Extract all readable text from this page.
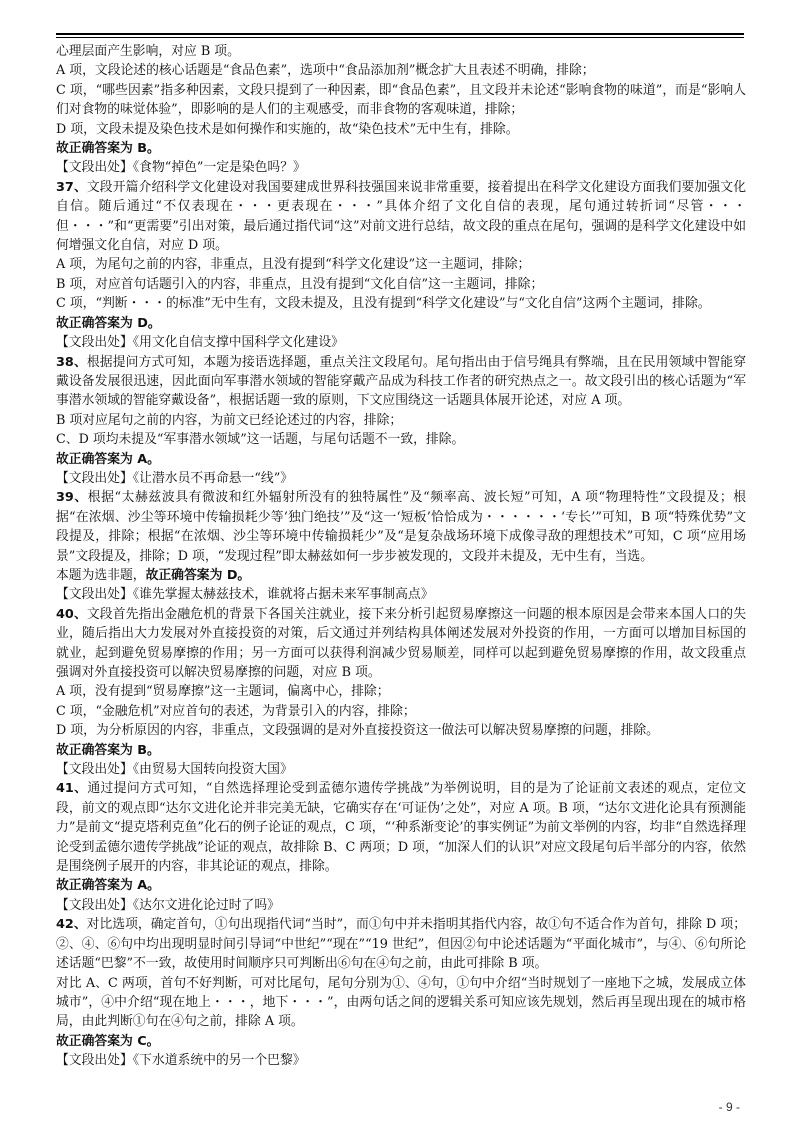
心理层面产生影响，对应 B 项。

A 项，文段论述的核心话题是“食品色素”，选项中“食品添加剂”概念扩大且表述不明确，排除；

C 项，“哪些因素”指多种因素，文段只提到了一种因素，即“食品色素”，且文段并未论述“影响食物的味道”，而是“影响人们对食物的味觉体验”，即影响的是人们的主观感受，而非食物的客观味道，排除；

D 项，文段未提及染色技术是如何操作和实施的，故“染色技术”无中生有，排除。

故正确答案为 B。

【文段出处】《食物“掉色”一定是染色吗？》

37、文段开篇介绍科学文化建设对我国要建成世界科技强国来说非常重要，接着提出在科学文化建设方面我们要加强文化自信。随后通过“不仅表现在・・・更表现在・・・”具体介绍了文化自信的表现，尾句通过转折词“尽管・・・但・・・”和“更需要”引出对策，最后通过指代词“这”对前文进行总结，故文段的重点在尾句，强调的是科学文化建设中如何增强文化自信，对应 D 项。

A 项，为尾句之前的内容，非重点，且没有提到“科学文化建设”这一主题词，排除；

B 项，对应首句话题引入的内容，非重点，且没有提到“文化自信”这一主题词，排除；

C 项，“判断・・・的标准”无中生有，文段未提及，且没有提到“科学文化建设”与“文化自信”这两个主题词，排除。

故正确答案为 D。

【文段出处】《用文化自信支撑中国科学文化建设》

38、根据提问方式可知，本题为接语选择题，重点关注文段尾句。尾句指出由于信号绳具有弊端，且在民用领域中智能穿戴设备发展很迅速，因此面向军事潜水领域的智能穿戴产品成为科技工作者的研究热点之一。故文段引出的核心话题为“军事潜水领域的智能穿戴设备”，根据话题一致的原则，下文应围绕这一话题具体展开论述，对应 A 项。

B 项对应尾句之前的内容，为前文已经论述过的内容，排除；

C、D 项均未提及“军事潜水领域”这一话题，与尾句话题不一致，排除。

故正确答案为 A。

【文段出处】《让潜水员不再命悬一“线”》

39、根据“太赫兹波具有微波和红外辐射所没有的独特属性”及“频率高、波长短”可知，A 项“物理特性”文段提及；根据“在浓烟、沙尘等环境中传输损耗少等‘独门绝技’”及“这一‘短板’恰恰成为・・・・・・‘专长’”可知，B 项“特殊优势”文段提及，排除；根据“在浓烟、沙尘等环境中传输损耗少”及“是复杂战场环境下成像寻敌的理想技术”可知，C 项“应用场景”文段提及，排除；D 项，“发现过程”即太赫兹如何一步步被发现的，文段并未提及，无中生有，当选。

本题为选非题，故正确答案为 D。

【文段出处】《谁先掌握太赫兹技术，谁就将占据未来军事制高点》

40、文段首先指出金融危机的背景下各国关注就业，接下来分析引起贸易摩擦这一问题的根本原因是会带来本国人口的失业，随后指出大力发展对外直接投资的对策，后文通过并列结构具体阐述发展对外投资的作用，一方面可以增加目标国的就业，起到避免贸易摩擦的作用；另一方面可以获得利润减少贸易顺差，同样可以起到避免贸易摩擦的作用，故文段重点强调对外直接投资可以解决贸易摩擦的问题，对应 B 项。

A 项，没有提到“贸易摩擦”这一主题词，偏离中心，排除；

C 项，“金融危机”对应首句的表述，为背景引入的内容，排除；

D 项，为分析原因的内容，非重点，文段强调的是对外直接投资这一做法可以解决贸易摩擦的问题，排除。

故正确答案为 B。

【文段出处】《由贸易大国转向投资大国》

41、通过提问方式可知，“自然选择理论受到孟德尔遗传学挑战”为举例说明，目的是为了论证前文表述的观点，定位文段，前文的观点即“达尔文进化论并非完美无缺，它确实存在‘可证伪’之处”，对应 A 项。B 项，“达尔文进化论具有预测能力”是前文“提克塔利克鱼”化石的例子论证的观点，C 项，“‘种系渐变论’的事实例证”为前文举例的内容，均非“自然选择理论受到孟德尔遗传学挑战”论证的观点，故排除 B、C 两项；D 项，“加深人们的认识”对应文段尾句后半部分的内容，依然是围绕例子展开的内容，非其论证的观点，排除。

故正确答案为 A。

【文段出处】《达尔文进化论过时了吗》

42、对比选项，确定首句，①句出现指代词“当时”，而①句中并未指明其指代内容，故①句不适合作为首句，排除 D 项；②、④、⑥句中均出现明显时间引导词“中世纪”“现在”“19 世纪”，但因②句中论述话题为“平面化城市”，与④、⑥句所论述话题“巴黎”不一致，故使用时间顺序只可判断出⑥句在④句之前，由此可排除 B 项。

对比 A、C 两项，首句不好判断，可对比尾句，尾句分别为①、④句，①句中介绍“当时规划了一座地下之城，发展成立体城市”，④中介绍“现在地上・・・，地下・・・”，由两句话之间的逻辑关系可知应该先规划，然后再呈现出现在的城市格局，由此判断①句在④句之前，排除 A 项。

故正确答案为 C。

【文段出处】《下水道系统中的另一个巴黎》

- 9 -
